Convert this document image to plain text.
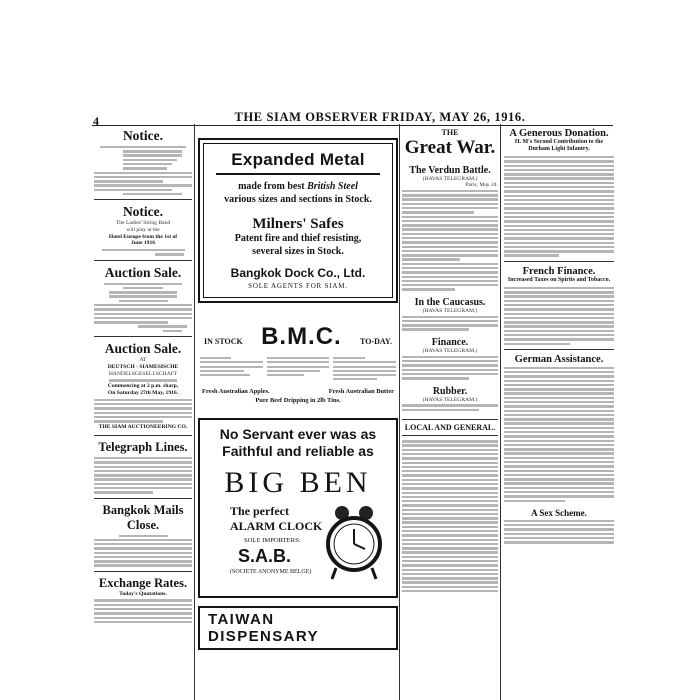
4	THE SIAM OBSERVER FRIDAY, MAY 26, 1916.
Notice.
Notice.
The Ladies' String Band
will play at the
Hotel Europe from the 1st of
June 1916
Auction Sale.
Auction Sale.
AT
DEUTSCH - SIAMESISCHE
HANDELSGESELLSCHAFT
Commencing at 2 p.m. sharp,
On Saturday 27th May, 1916.
THE SIAM AUCTIONEERING CO.
Telegraph Lines.
Bangkok Mails Close.
Exchange Rates.
Today's Quotations.
Expanded Metal
made from best British Steel
various sizes and sections in Stock.
Milners' Safes
Patent fire and thief resisting,
several sizes in Stock.
Bangkok Dock Co., Ltd.
SOLE AGENTS FOR SIAM.
IN STOCK B.M.C. TO-DAY.
Fresh Australian Apples.	Fresh Australian Butter
Pure Beef Dripping in 2lb Tins.
No Servant ever was as
Faithful and reliable as
BIG BEN
The perfect
ALARM CLOCK
SOLE IMPORTERS:
S.A.B.
(SOCIETE ANONYME BELGE)
TAIWAN DISPENSARY
THE
Great War.
The Verdun Battle.
(HAVAS TELEGRAM.)
Paris, May 24.
In the Caucasus.
(HAVAS TELEGRAM.)
Finance.
(HAVAS TELEGRAM.)
Rubber.
(HAVAS TELEGRAM.)
LOCAL AND GENERAL.
A Generous Donation.
H. M's Second Contribution to the Durham Light Infantry.
French Finance.
Increased Taxes on Spirits and Tobacco.
German Assistance.
A Sex Scheme.
